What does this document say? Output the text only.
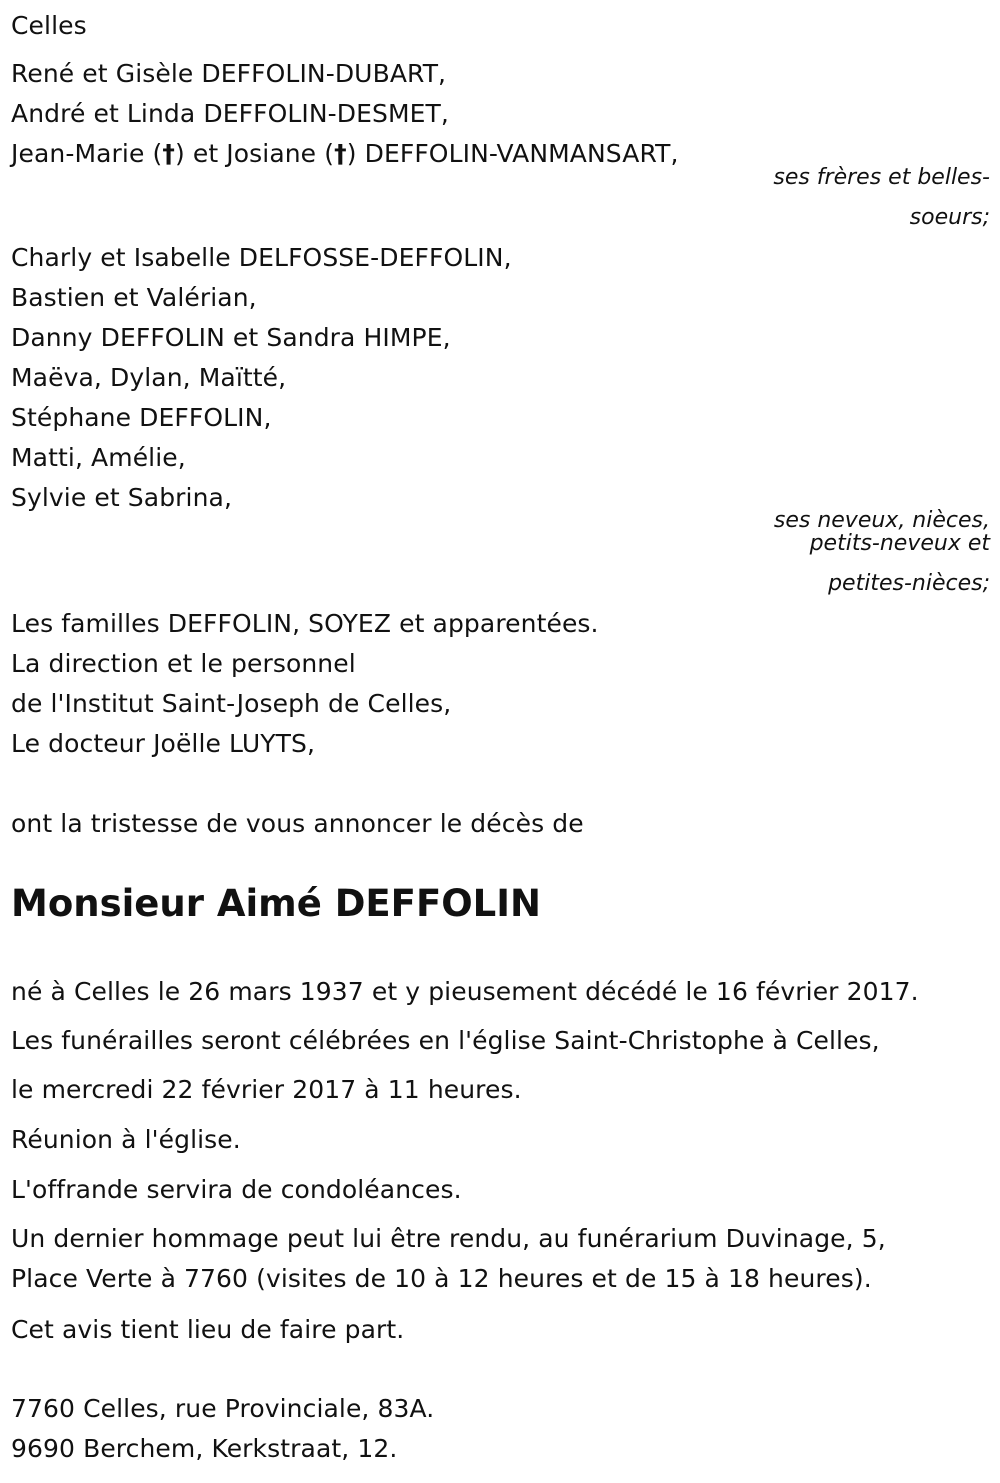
Celles
René et Gisèle DEFFOLIN-DUBART,
André et Linda DEFFOLIN-DESMET,
Jean-Marie (†) et Josiane (†) DEFFOLIN-VANMANSART,
ses frères et belles-
soeurs;
Charly et Isabelle DELFOSSE-DEFFOLIN,
Bastien et Valérian,
Danny DEFFOLIN et Sandra HIMPE,
Maëva, Dylan, Maïtté,
Stéphane DEFFOLIN,
Matti, Amélie,
Sylvie et Sabrina,
ses neveux, nièces,
petits-neveux et
petites-nièces;
Les familles DEFFOLIN, SOYEZ et apparentées.
La direction et le personnel
de l'Institut Saint-Joseph de Celles,
Le docteur Joëlle LUYTS,
ont la tristesse de vous annoncer le décès de
Monsieur Aimé DEFFOLIN
né à Celles le 26 mars 1937 et y pieusement décédé le 16 février 2017.
Les funérailles seront célébrées en l'église Saint-Christophe à Celles,
le mercredi 22 février 2017 à 11 heures.
Réunion à l'église.
L'offrande servira de condoléances.
Un dernier hommage peut lui être rendu, au funérarium Duvinage, 5,
Place Verte à 7760 (visites de 10 à 12 heures et de 15 à 18 heures).
Cet avis tient lieu de faire part.
7760 Celles, rue Provinciale, 83A.
9690 Berchem, Kerkstraat, 12.
